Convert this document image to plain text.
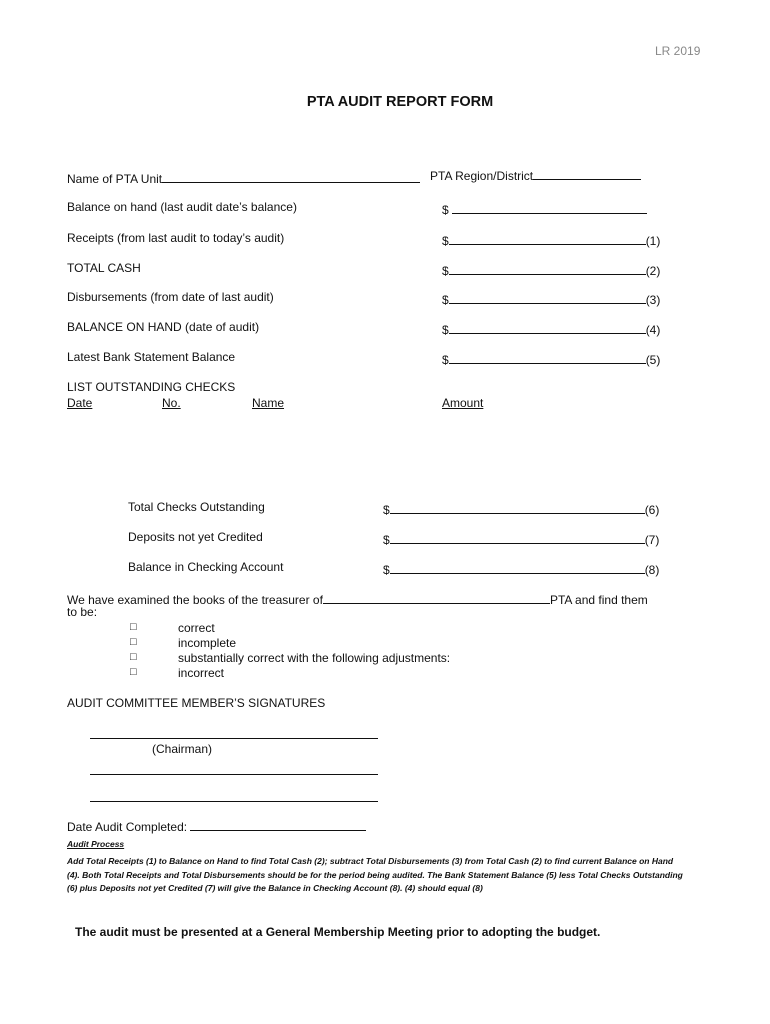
LR 2019
PTA AUDIT REPORT FORM
Name of PTA Unit	PTA Region/District
Balance on hand (last audit date’s balance)	$
Receipts (from last audit to today’s audit)	$	(1)
TOTAL CASH	$	(2)
Disbursements (from date of last audit)	$	(3)
BALANCE ON HAND (date of audit)	$	(4)
Latest Bank Statement Balance	$	(5)
LIST OUTSTANDING CHECKS
Date	No.	Name	Amount
Total Checks Outstanding	$	(6)
Deposits not yet Credited	$	(7)
Balance in Checking Account	$	(8)
We have examined the books of the treasurer of	PTA and find them
to be:
□	correct
□	incomplete
□	substantially correct with the following adjustments:
□	incorrect
AUDIT COMMITTEE MEMBER’S SIGNATURES
(Chairman)
Date Audit Completed:
Audit Process
Add Total Receipts (1) to Balance on Hand to find Total Cash (2); subtract Total Disbursements (3) from Total Cash (2) to find current Balance on Hand (4). Both Total Receipts and Total Disbursements should be for the period being audited. The Bank Statement Balance (5) less Total Checks Outstanding (6) plus Deposits not yet Credited (7) will give the Balance in Checking Account (8). (4) should equal (8)
The audit must be presented at a General Membership Meeting prior to adopting the budget.
